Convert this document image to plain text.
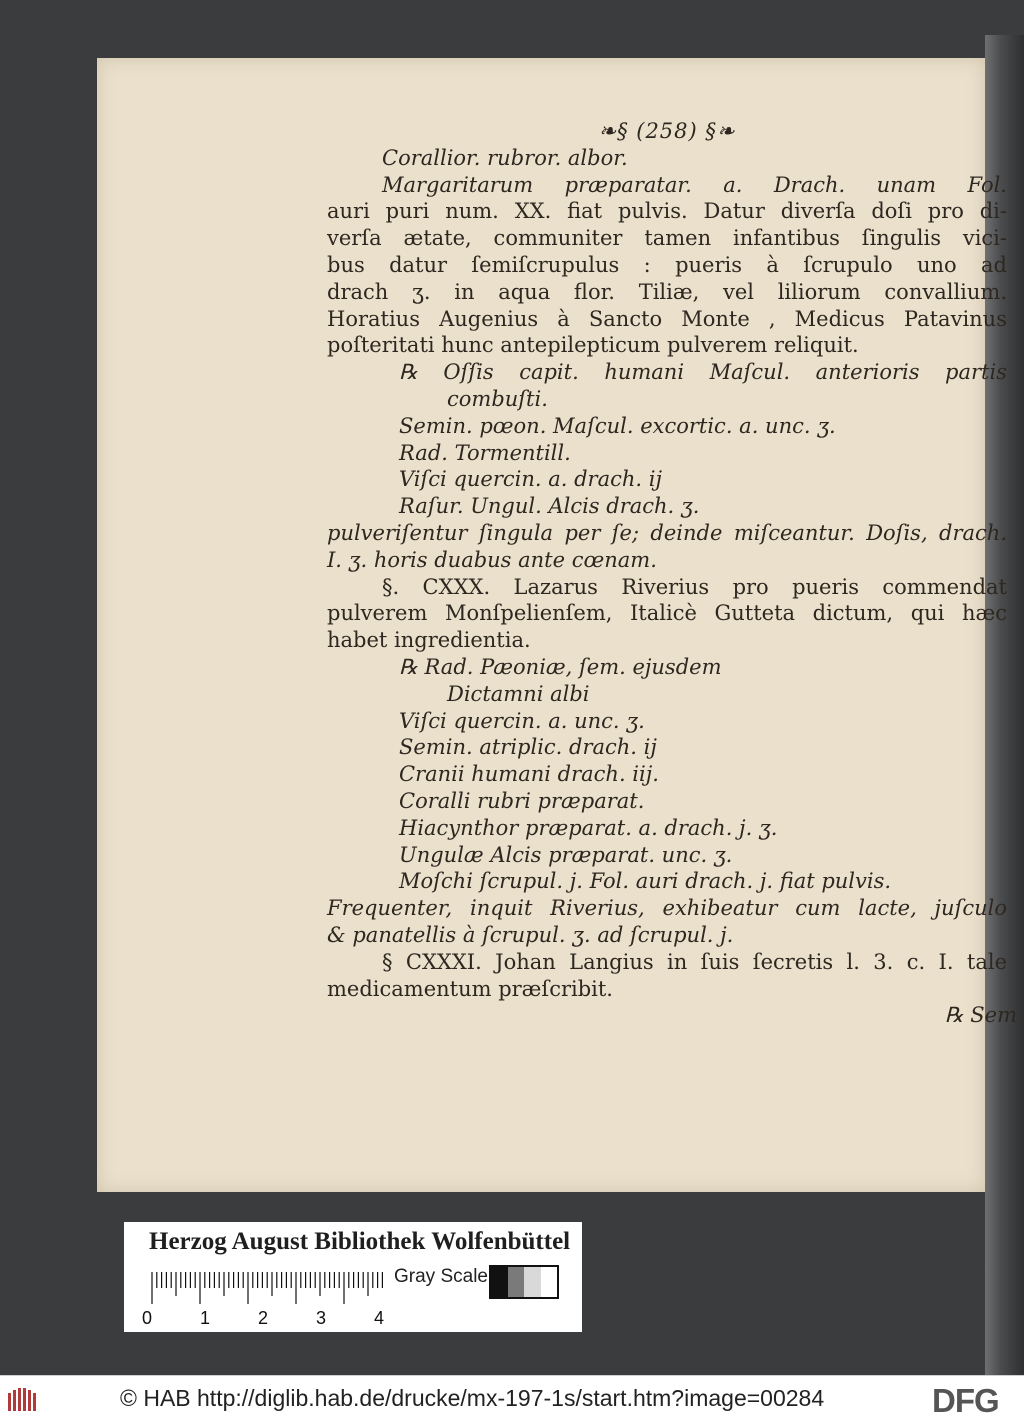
❧§ (258) §❧
Corallior. rubror. albor.
Margaritarum præparatar. a. Drach. unam Fol.
auri puri num. XX. fiat pulvis. Datur diverſa doſi pro di-
verſa ætate, communiter tamen infantibus ſingulis vici-
bus datur ſemiſcrupulus : pueris à ſcrupulo uno ad
drach ʒ. in aqua flor. Tiliæ, vel liliorum convallium.
Horatius Augenius à Sancto Monte , Medicus Patavinus
poſteritati hunc antepilepticum pulverem reliquit.
℞ Oſſis capit. humani Maſcul. anterioris partis
combuſti.
Semin. pœon. Maſcul. excortic. a. unc. ʒ.
Rad. Tormentill.
Viſci quercin. a. drach. ij
Raſur. Ungul. Alcis drach. ʒ.
pulveriſentur ſingula per ſe; deinde miſceantur. Doſis, drach.
I. ʒ. horis duabus ante cœnam.
§. CXXX. Lazarus Riverius pro pueris commendat
pulverem Monſpelienſem, Italicè Gutteta dictum, qui hæc
habet ingredientia.
℞ Rad. Pæoniæ, ſem. ejusdem
Dictamni albi
Viſci quercin. a. unc. ʒ.
Semin. atriplic. drach. ij
Cranii humani drach. iij.
Coralli rubri præparat.
Hiacynthor præparat. a. drach. j. ʒ.
Ungulæ Alcis præparat. unc. ʒ.
Moſchi ſcrupul. j. Fol. auri drach. j. fiat pulvis.
Frequenter, inquit Riverius, exhibeatur cum lacte, juſculo
& panatellis à ſcrupul. ʒ. ad ſcrupul. j.
§ CXXXI. Johan Langius in ſuis ſecretis l. 3. c. I. tale
medicamentum præſcribit.
℞ Sem
Herzog August Bibliothek Wolfenbüttel
Gray Scale
0	1	2	3	4
© HAB http://diglib.hab.de/drucke/mx-197-1s/start.htm?image=00284	DFG
